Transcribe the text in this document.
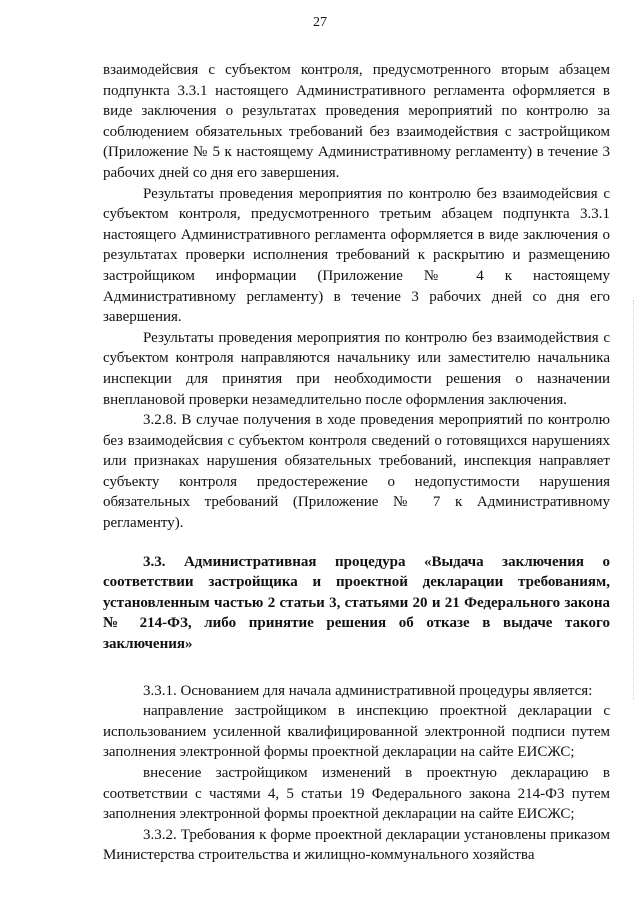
27

взаимодейсвия с субъектом контроля, предусмотренного вторым абзацем подпункта 3.3.1 настоящего Административного регламента оформляется в виде заключения о результатах проведения мероприятий по контролю за соблюдением обязательных требований без взаимодействия с застройщиком (Приложение № 5 к настоящему Административному регламенту) в течение 3 рабочих дней со дня его завершения.

Результаты проведения мероприятия по контролю без взаимодейсвия с субъектом контроля, предусмотренного третьим абзацем подпункта 3.3.1 настоящего Административного регламента оформляется в виде заключения о результатах проверки исполнения требований к раскрытию и размещению застройщиком информации (Приложение № 4 к настоящему Административному регламенту) в течение 3 рабочих дней со дня его завершения.

Результаты проведения мероприятия по контролю без взаимодействия с субъектом контроля направляются начальнику или заместителю начальника инспекции для принятия при необходимости решения о назначении внеплановой проверки незамедлительно после оформления заключения.

3.2.8. В случае получения в ходе проведения мероприятий по контролю без взаимодейсвия с субъектом контроля сведений о готовящихся нарушениях или признаках нарушения обязательных требований, инспекция направляет субъекту контроля предостережение о недопустимости нарушения обязательных требований (Приложение № 7 к Административному регламенту).

3.3. Административная процедура «Выдача заключения о соответствии застройщика и проектной декларации требованиям, установленным частью 2 статьи 3, статьями 20 и 21 Федерального закона № 214-ФЗ, либо принятие решения об отказе в выдаче такого заключения»

3.3.1. Основанием для начала административной процедуры является:

направление застройщиком в инспекцию проектной декларации с использованием усиленной квалифицированной электронной подписи путем заполнения электронной формы проектной декларации на сайте ЕИСЖС;

внесение застройщиком изменений в проектную декларацию в соответствии с частями 4, 5 статьи 19 Федерального закона 214-ФЗ путем заполнения электронной формы проектной декларации на сайте ЕИСЖС;

3.3.2. Требования к форме проектной декларации установлены приказом Министерства строительства и жилищно-коммунального хозяйства
